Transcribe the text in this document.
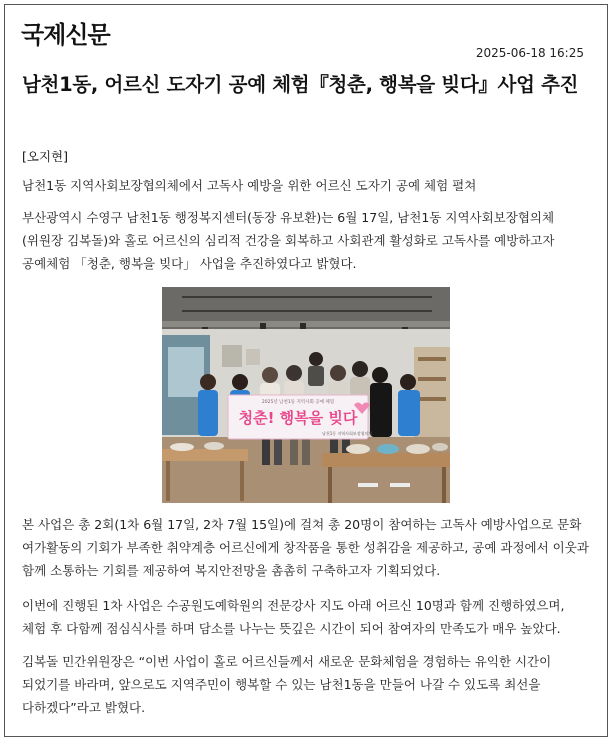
국제신문
2025-06-18 16:25
남천1동, 어르신 도자기 공예 체험『청춘, 행복을 빚다』사업 추진
[오지현]
남천1동 지역사회보장협의체에서 고독사 예방을 위한 어르신 도자기 공예 체험 펼쳐
부산광역시 수영구 남천1동 행정복지센터(동장 유보환)는 6월 17일, 남천1동 지역사회보장협의체(위원장 김복돌)와 홀로 어르신의 심리적 건강을 회복하고 사회관계 활성화로 고독사를 예방하고자 공예체험 「청춘, 행복을 빚다」 사업을 추진하였다고 밝혔다.
2025년 남천1동 지역사회 공예 체험
청춘! 행복을 빚다
남천1동 지역사회보장협의체
본 사업은 총 2회(1차 6월 17일, 2차 7월 15일)에 걸쳐 총 20명이 참여하는 고독사 예방사업으로 문화 여가활동의 기회가 부족한 취약계층 어르신에게 창작품을 통한 성취감을 제공하고, 공예 과정에서 이웃과 함께 소통하는 기회를 제공하여 복지안전망을 촘촘히 구축하고자 기획되었다.
이번에 진행된 1차 사업은 수공원도예학원의 전문강사 지도 아래 어르신 10명과 함께 진행하였으며, 체험 후 다함께 점심식사를 하며 담소를 나누는 뜻깊은 시간이 되어 참여자의 만족도가 매우 높았다.
김복돌 민간위원장은 “이번 사업이 홀로 어르신들께서 새로운 문화체험을 경험하는 유익한 시간이 되었기를 바라며, 앞으로도 지역주민이 행복할 수 있는 남천1동을 만들어 나갈 수 있도록 최선을 다하겠다”라고 밝혔다.
